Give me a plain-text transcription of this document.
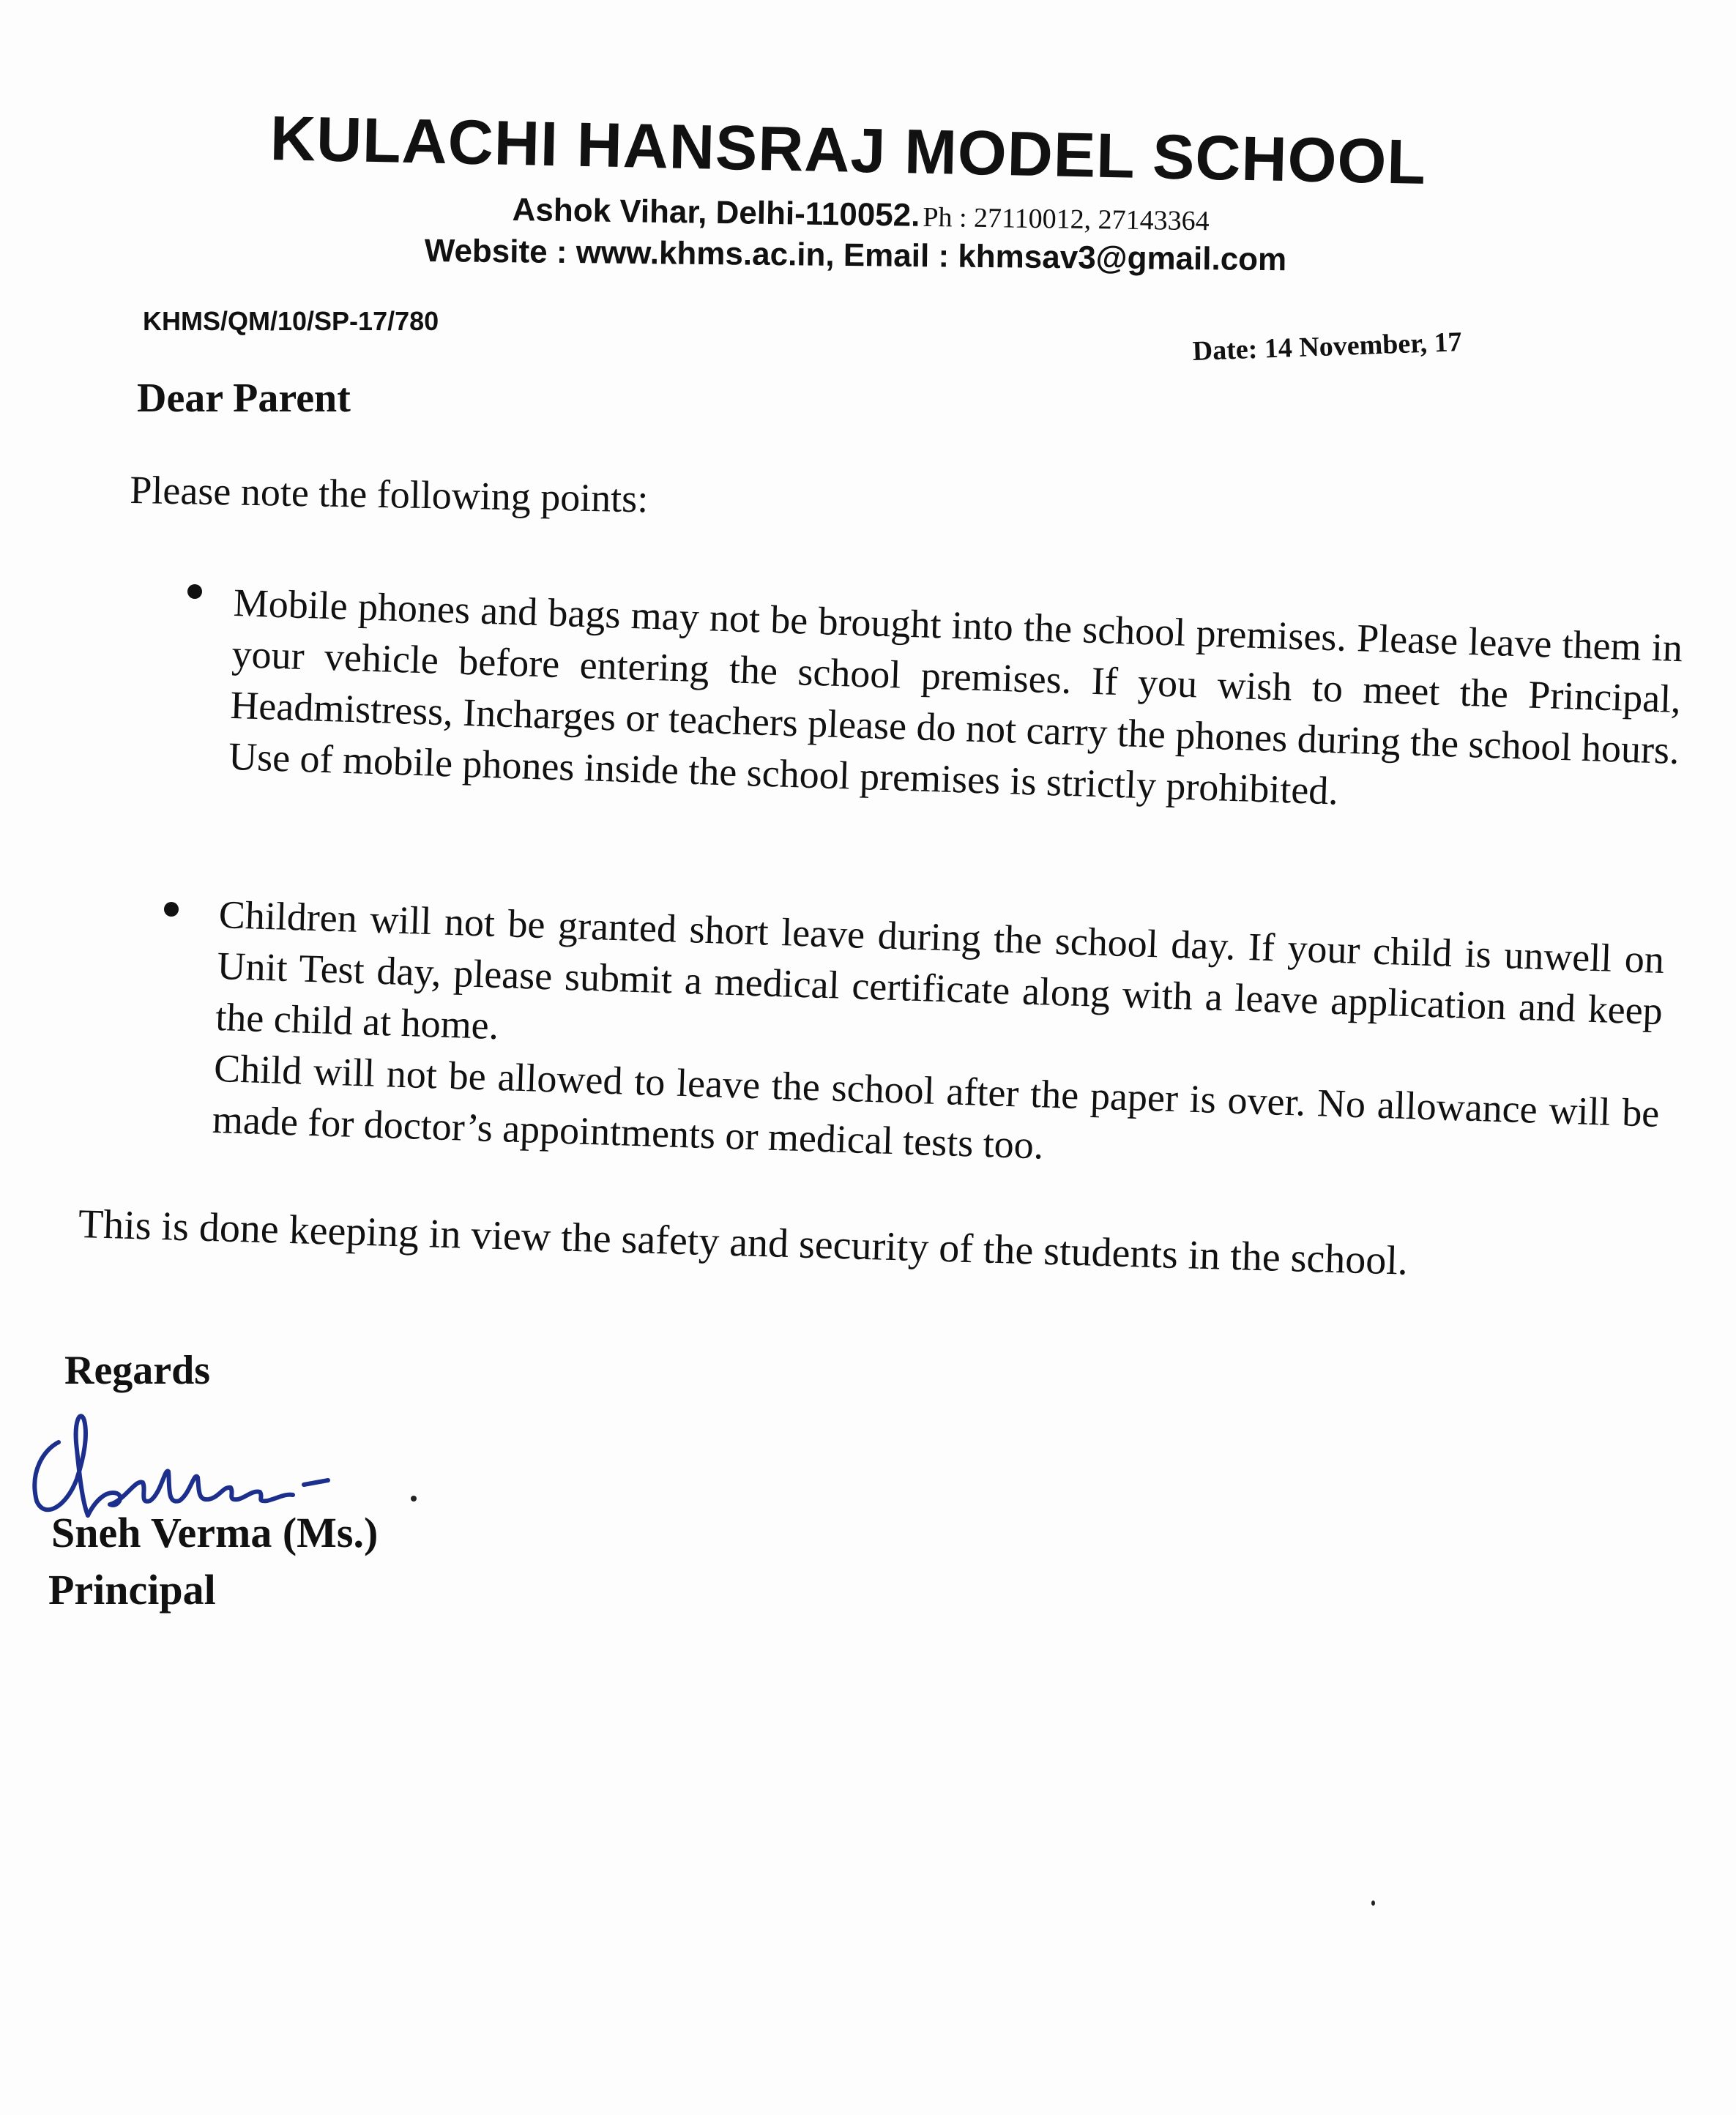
KULACHI HANSRAJ MODEL SCHOOL
Ashok Vihar, Delhi-110052. Ph : 27110012, 27143364
Website : www.khms.ac.in, Email : khmsav3@gmail.com
KHMS/QM/10/SP-17/780
Date: 14 November, 17
Dear Parent
Please note the following points:

Mobile phones and bags may not be brought into the school premises. Please leave them in your vehicle before entering the school premises. If you wish to meet the Principal, Headmistress, Incharges or teachers please do not carry the phones during the school hours. Use of mobile phones inside the school premises is strictly prohibited.

Children will not be granted short leave during the school day. If your child is unwell on Unit Test day, please submit a medical certificate along with a leave application and keep the child at home.

Child will not be allowed to leave the school after the paper is over. No allowance will be made for doctor’s appointments or medical tests too.

This is done keeping in view the safety and security of the students in the school.
Regards
Sneh Verma (Ms.)
Principal
